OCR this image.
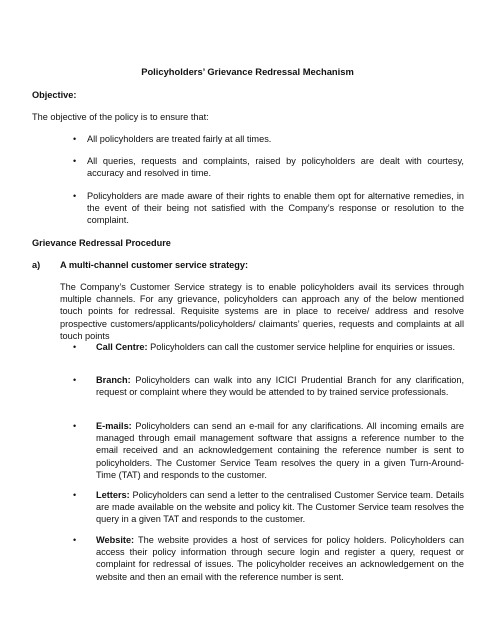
Policyholders’ Grievance Redressal Mechanism
Objective:
The objective of the policy is to ensure that:
• All policyholders are treated fairly at all times.
• All queries, requests and complaints, raised by policyholders are dealt with courtesy, accuracy and resolved in time.
• Policyholders are made aware of their rights to enable them opt for alternative remedies, in the event of their being not satisfied with the Company’s response or resolution to the complaint.
Grievance Redressal Procedure
a) A multi-channel customer service strategy:
The Company’s Customer Service strategy is to enable policyholders avail its services through multiple channels. For any grievance, policyholders can approach any of the below mentioned touch points for redressal. Requisite systems are in place to receive/ address and resolve prospective customers/applicants/policyholders/ claimants’ queries, requests and complaints at all touch points
• Call Centre: Policyholders can call the customer service helpline for enquiries or issues.
• Branch: Policyholders can walk into any ICICI Prudential Branch for any clarification, request or complaint where they would be attended to by trained service professionals.
• E-mails: Policyholders can send an e-mail for any clarifications. All incoming emails are managed through email management software that assigns a reference number to the email received and an acknowledgement containing the reference number is sent to policyholders. The Customer Service Team resolves the query in a given Turn-Around-Time (TAT) and responds to the customer.
• Letters: Policyholders can send a letter to the centralised Customer Service team. Details are made available on the website and policy kit. The Customer Service team resolves the query in a given TAT and responds to the customer.
• Website: The website provides a host of services for policy holders. Policyholders can access their policy information through secure login and register a query, request or complaint for redressal of issues. The policyholder receives an acknowledgement on the website and then an email with the reference number is sent.
